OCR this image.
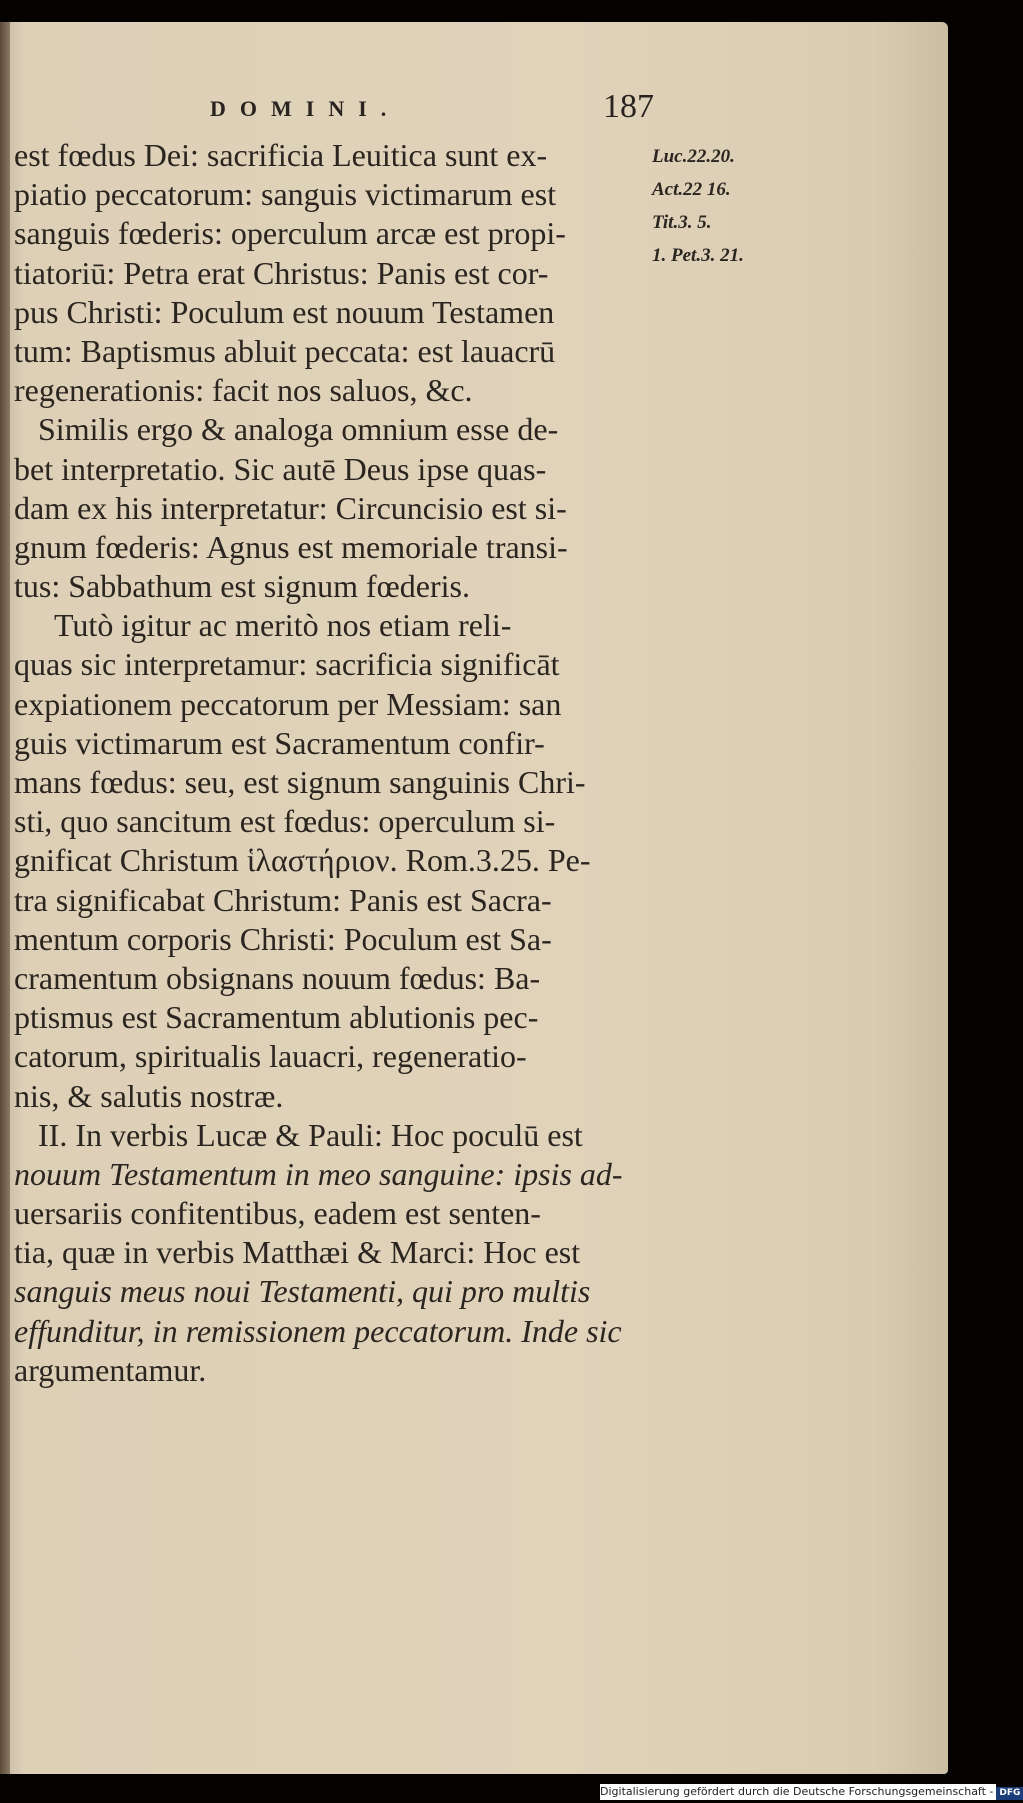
DOMINI.	187
est fœdus Dei: sacrificia Leuitica sunt ex-
piatio peccatorum: sanguis victimarum est
sanguis fœderis: operculum arcæ est propi-
tiatoriū: Petra erat Christus: Panis est cor-
pus Christi: Poculum est nouum Testamen
tum: Baptismus abluit peccata: est lauacrū
regenerationis: facit nos saluos, &c.
Similis ergo & analoga omnium esse de-
bet interpretatio. Sic autē Deus ipse quas-
dam ex his interpretatur: Circuncisio est si-
gnum fœderis: Agnus est memoriale transi-
tus: Sabbathum est signum fœderis.
Tutò igitur ac meritò nos etiam reli-
quas sic interpretamur: sacrificia significāt
expiationem peccatorum per Messiam: san
guis victimarum est Sacramentum confir-
mans fœdus: seu, est signum sanguinis Chri-
sti, quo sancitum est fœdus: operculum si-
gnificat Christum ἱλαστήριον. Rom.3.25. Pe-
tra significabat Christum: Panis est Sacra-
mentum corporis Christi: Poculum est Sa-
cramentum obsignans nouum fœdus: Ba-
ptismus est Sacramentum ablutionis pec-
catorum, spiritualis lauacri, regeneratio-
nis, & salutis nostræ.
II. In verbis Lucæ & Pauli: Hoc poculū est
nouum Testamentum in meo sanguine: ipsis ad-
uersariis confitentibus, eadem est senten-
tia, quæ in verbis Matthæi & Marci: Hoc est
sanguis meus noui Testamenti, qui pro multis
effunditur, in remissionem peccatorum. Inde sic
argumentamur.
Luc.22.20.
Act.22 16.
Tit.3. 5.
1. Pet.3. 21.
Digitalisierung gefördert durch die Deutsche Forschungsgemeinschaft - DFG
